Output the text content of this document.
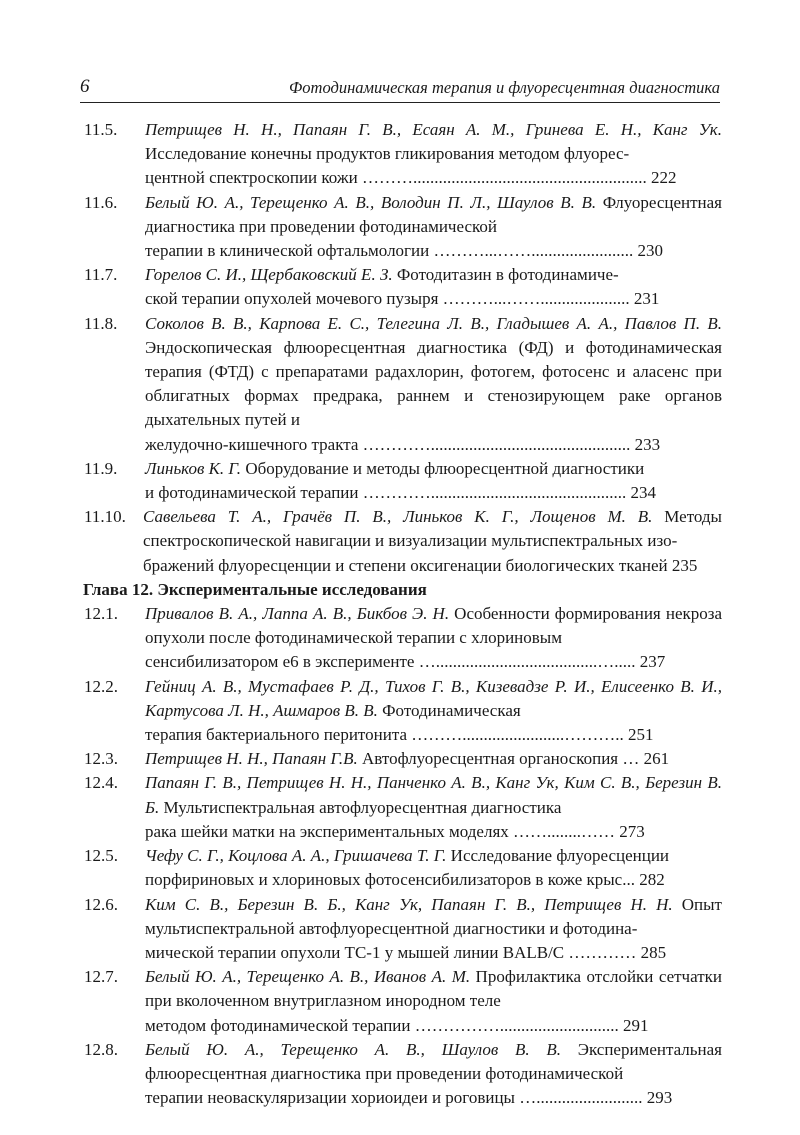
6	Фотодинамическая терапия и флуоресцентная диагностика
11.5. Петрищев Н. Н., Папаян Г. В., Есаян А. М., Гринева Е. Н., Канг Ук. Исследование конечны продуктов гликирования методом флуорес-
центной спектроскопии кожи ………....................................................... 222
11.6. Белый Ю. А., Терещенко А. В., Володин П. Л., Шаулов В. В. Флуоресцентная диагностика при проведении фотодинамической
терапии в клинической офтальмологии ………...……........................ 230
11.7. Горелов С. И., Щербаковский Е. З. Фотодитазин в фотодинамиче-
ской терапии опухолей мочевого пузыря ………...……..................... 231
11.8. Соколов В. В., Карпова Е. С., Телегина Л. В., Гладышев А. А., Павлов П. В. Эндоскопическая флюоресцентная диагностика (ФД) и фотодинамическая терапия (ФТД) с препаратами радахлорин, фотогем, фотосенс и аласенс при облигатных формах предрака, раннем и стенозирующем раке органов дыхательных путей и
желудочно-кишечного тракта …………............................................... 233
11.9. Линьков К. Г. Оборудование и методы флюоресцентной диагностики
и фотодинамической терапии ………….............................................. 234
11.10. Савельева Т. А., Грачёв П. В., Линьков К. Г., Лощенов М. В. Методы спектроскопической навигации и визуализации мультиспектральных изо-
бражений флуоресценции и степени оксигенации биологических тканей 235
Глава 12. Экспериментальные исследования
12.1. Привалов В. А., Лаппа А. В., Бикбов Э. Н. Особенности формирования некроза опухоли после фотодинамической терапии с хлориновым
сенсибилизатором е6 в эксперименте …......................................…..... 237
12.2. Гейниц А. В., Мустафаев Р. Д., Тихов Г. В., Кизевадзе Р. И., Елисеенко В. И., Картусова Л. Н., Ашмаров В. В. Фотодинамическая
терапия бактериального перитонита ………........................……….. 251
12.3. Петрищев Н. Н., Папаян Г.В. Автофлуоресцентная органоскопия … 261
12.4. Папаян Г. В., Петрищев Н. Н., Панченко А. В., Канг Ук, Ким С. В., Березин В. Б. Мультиспектральная автофлуоресцентная диагностика
рака шейки матки на экспериментальных моделях ……........…… 273
12.5. Чефу С. Г., Коцлова А. А., Гришачева Т. Г. Исследование флуоресценции
порфириновых и хлориновых фотосенсибилизаторов в коже крыс... 282
12.6. Ким С. В., Березин В. Б., Канг Ук, Папаян Г. В., Петрищев Н. Н. Опыт мультиспектральной автофлуоресцентной диагностики и фотодина-
мической терапии опухоли ТС-1 у мышей линии BALB/C ………… 285
12.7. Белый Ю. А., Терещенко А. В., Иванов А. М. Профилактика отслойки сетчатки при вколоченном внутриглазном инородном теле
методом фотодинамической терапии ……………............................ 291
12.8. Белый Ю. А., Терещенко А. В., Шаулов В. В. Экспериментальная флюоресцентная диагностика при проведении фотодинамической
терапии неоваскуляризации хориоидеи и роговицы …......................... 293
